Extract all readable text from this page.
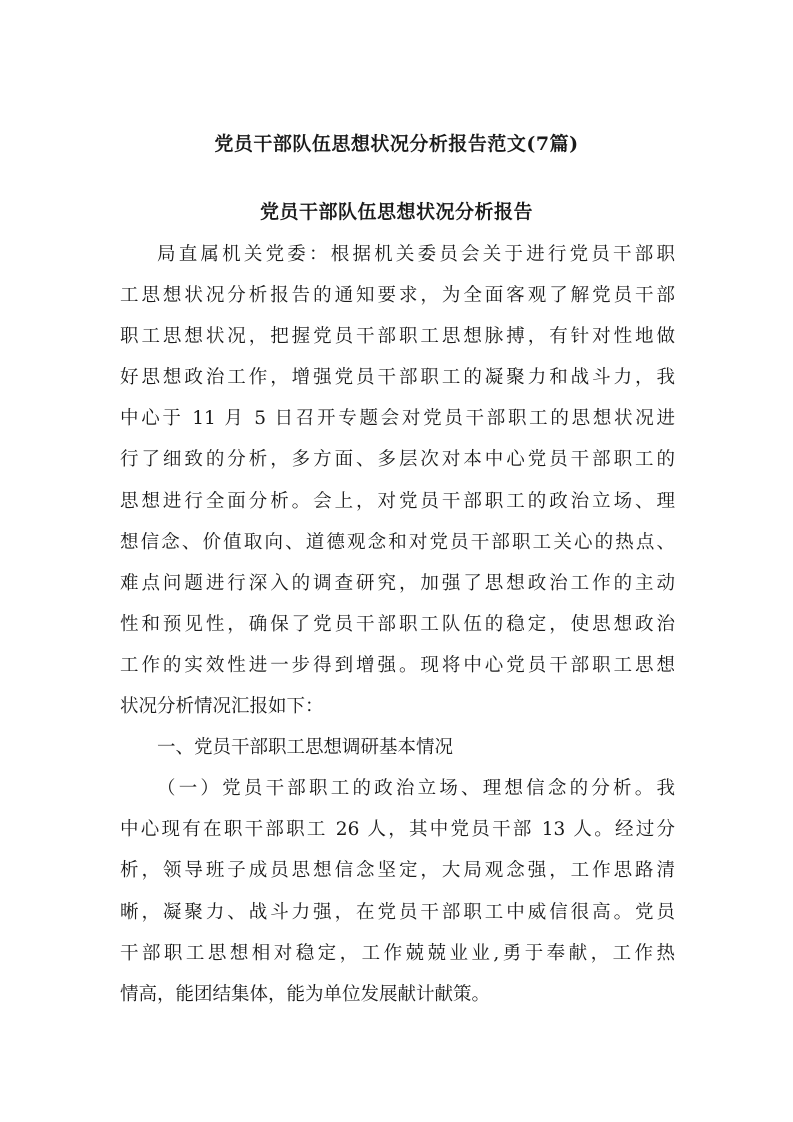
党员干部队伍思想状况分析报告范文(7篇)
党员干部队伍思想状况分析报告
局直属机关党委：根据机关委员会关于进行党员干部职
工思想状况分析报告的通知要求，为全面客观了解党员干部
职工思想状况，把握党员干部职工思想脉搏，有针对性地做
好思想政治工作，增强党员干部职工的凝聚力和战斗力，我
中心于 11 月 5 日召开专题会对党员干部职工的思想状况进
行了细致的分析，多方面、多层次对本中心党员干部职工的
思想进行全面分析。会上，对党员干部职工的政治立场、理
想信念、价值取向、道德观念和对党员干部职工关心的热点、
难点问题进行深入的调查研究，加强了思想政治工作的主动
性和预见性，确保了党员干部职工队伍的稳定，使思想政治
工作的实效性进一步得到增强。现将中心党员干部职工思想
状况分析情况汇报如下：
一、党员干部职工思想调研基本情况
（一）党员干部职工的政治立场、理想信念的分析。我
中心现有在职干部职工 26 人，其中党员干部 13 人。经过分
析，领导班子成员思想信念坚定，大局观念强，工作思路清
晰，凝聚力、战斗力强，在党员干部职工中威信很高。党员
干部职工思想相对稳定，工作兢兢业业,勇于奉献，工作热
情高，能团结集体，能为单位发展献计献策。
